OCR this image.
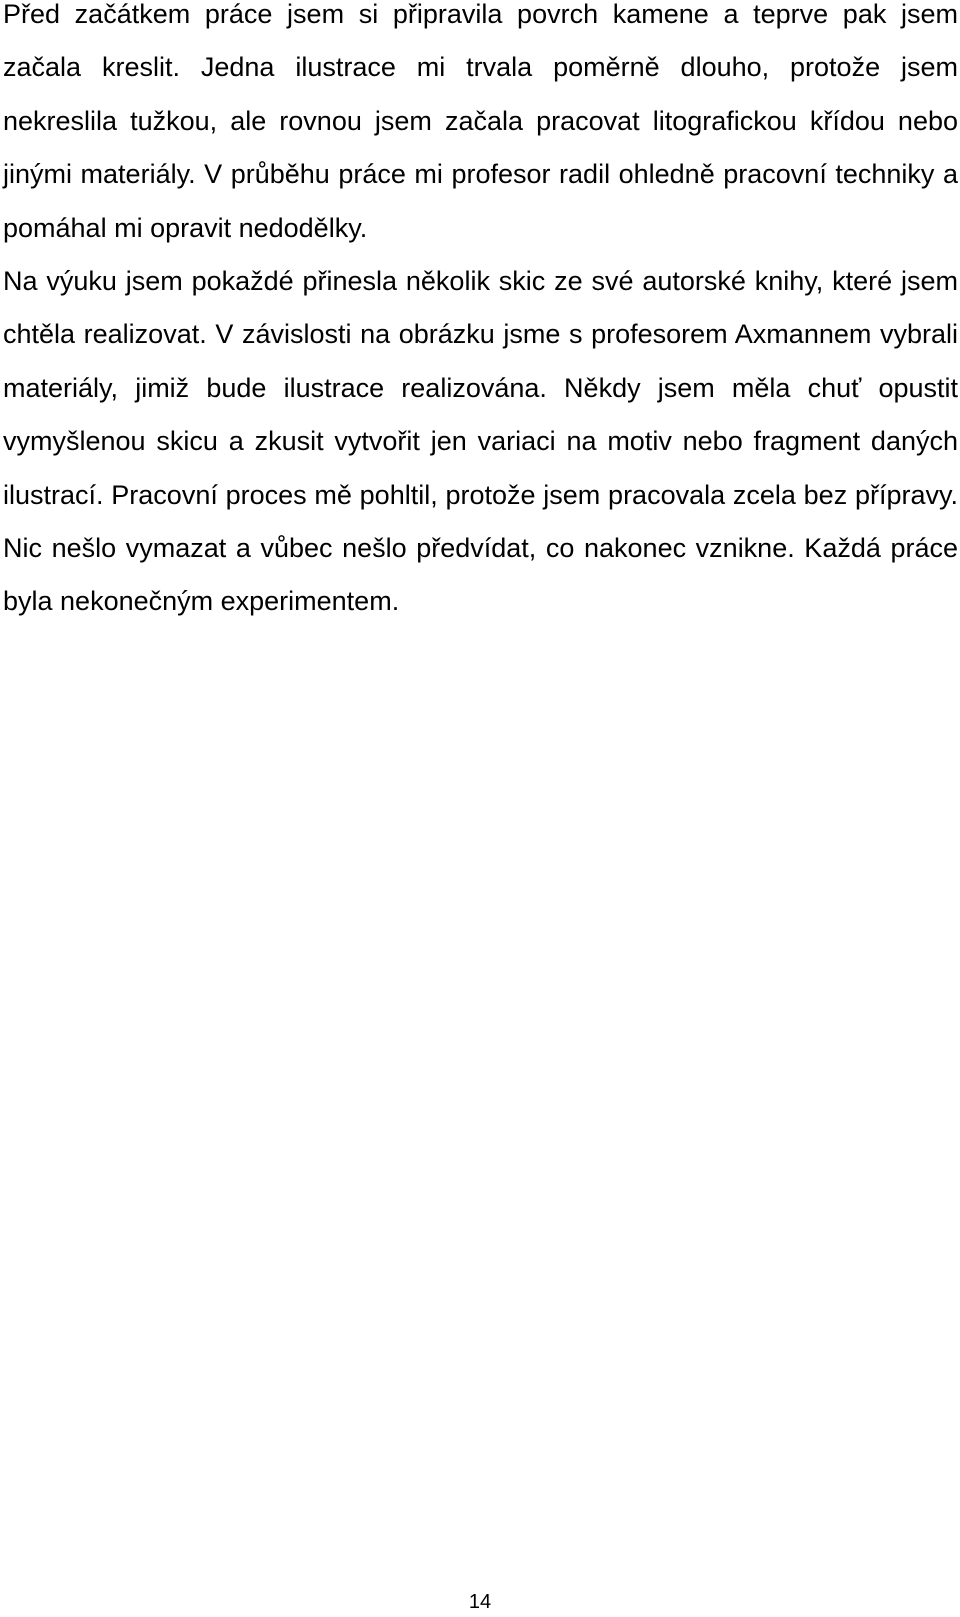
Před začátkem práce jsem si připravila povrch kamene a teprve pak jsem začala kreslit. Jedna ilustrace mi trvala poměrně dlouho, protože jsem nekreslila tužkou, ale rovnou jsem začala pracovat litografickou křídou nebo jinými materiály. V průběhu práce mi profesor radil ohledně pracovní techniky a pomáhal mi opravit nedodělky.

Na výuku jsem pokaždé přinesla několik skic ze své autorské knihy, které jsem chtěla realizovat. V závislosti na obrázku jsme s profesorem Axmannem vybrali materiály, jimiž bude ilustrace realizována. Někdy jsem měla chuť opustit vymyšlenou skicu a zkusit vytvořit jen variaci na motiv nebo fragment daných ilustrací. Pracovní proces mě pohltil, protože jsem pracovala zcela bez přípravy. Nic nešlo vymazat a vůbec nešlo předvídat, co nakonec vznikne. Každá práce byla nekonečným experimentem.

14
